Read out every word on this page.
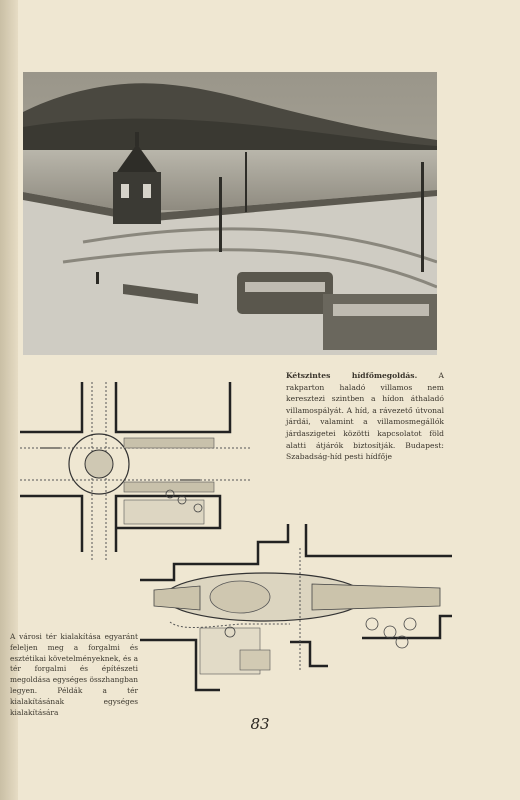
Kétszintes hídfőmegoldás.	A rakparton haladó villamos nem keresztezi szintben a hídon áthaladó villamospályát. A híd, a rávezető útvonal járdái, valamint a villamosmegállók járdaszigetei közötti kapcsolatot föld alatti átjárók biztosítják. Budapest: Szabadság-híd pesti hídfője
A városi tér kialakítása egyaránt feleljen meg a forgalmi és esztétikai követelményeknek, és a tér forgalmi és építészeti megoldása egységes összhangban legyen. Példák a tér kialakításának egységes kialakítására
83
